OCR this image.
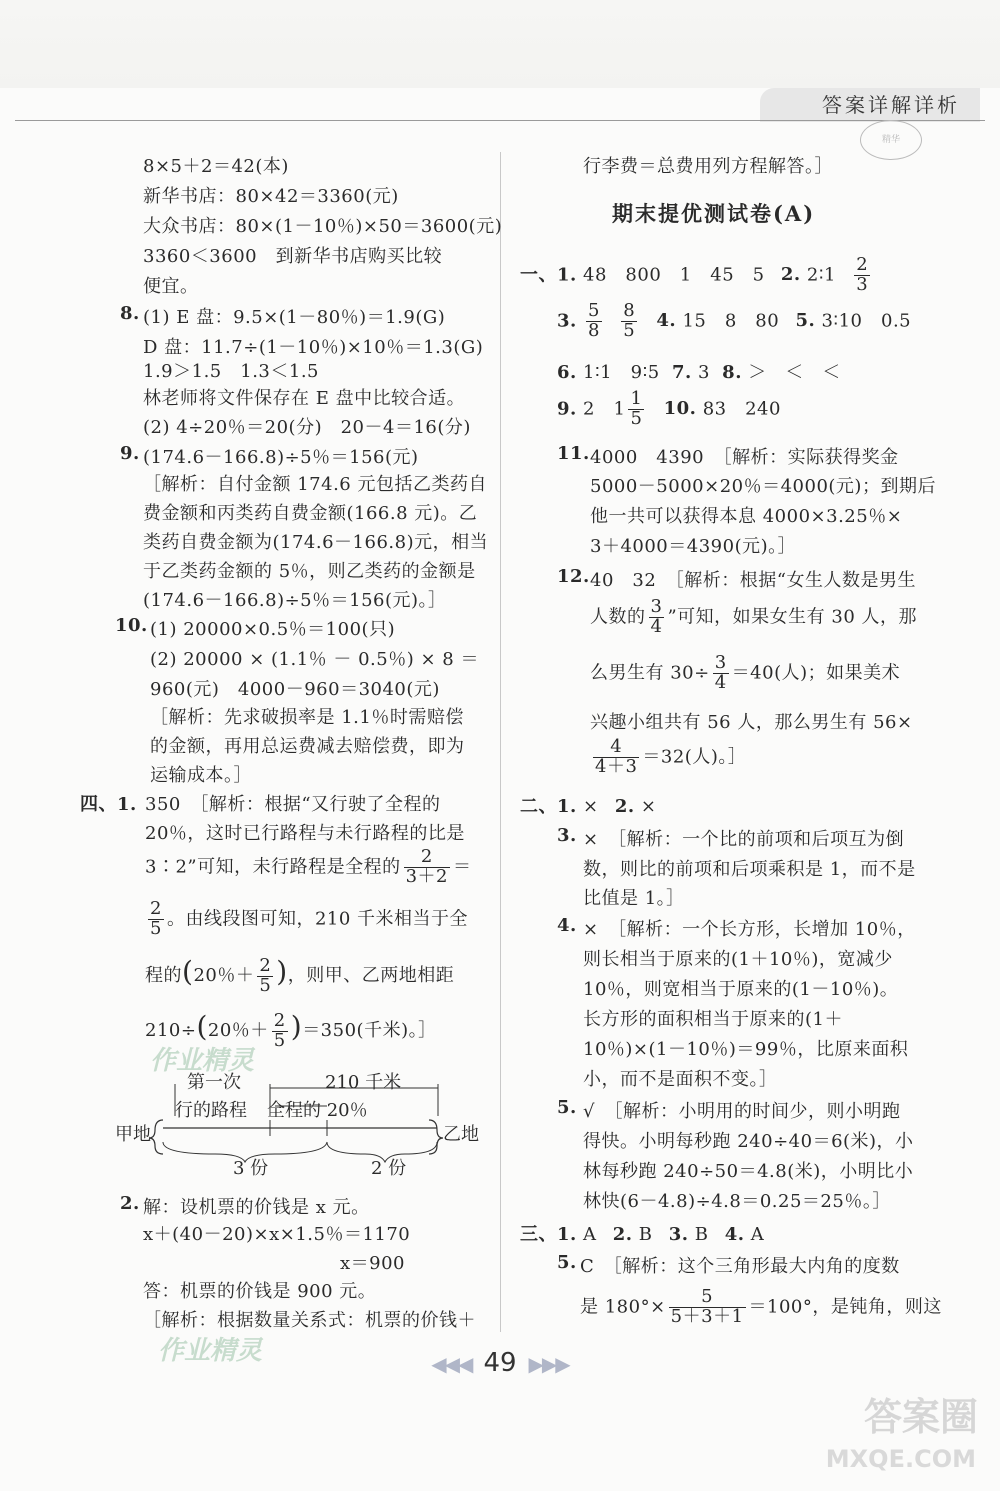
答案详解详析
精华
8×5＋2＝42(本)
新华书店：80×42＝3360(元)
大众书店：80×(1－10％)×50＝3600(元)
3360＜3600　到新华书店购买比较
便宜。
8. (1) E 盘：9.5×(1－80％)＝1.9(G)
D 盘：11.7÷(1－10％)×10％＝1.3(G)
1.9＞1.5　1.3＜1.5
林老师将文件保存在 E 盘中比较合适。
(2) 4÷20％＝20(分)　20－4＝16(分)
9. (174.6－166.8)÷5％＝156(元)
［解析：自付金额 174.6 元包括乙类药自
费金额和丙类药自费金额(166.8 元)。乙
类药自费金额为(174.6－166.8)元，相当
于乙类药金额的 5％，则乙类药的金额是
(174.6－166.8)÷5％＝156(元)。］
10. (1) 20000×0.5％＝100(只)
(2) 20000 × (1.1％ － 0.5％) × 8 ＝
960(元)　4000－960＝3040(元)
［解析：先求破损率是 1.1％时需赔偿
的金额，再用总运费减去赔偿费，即为
运输成本。］
四、1. 350　［解析：根据“又行驶了全程的
20％，这时已行路程与未行路程的比是
3∶2”可知，未行路程是全程的 $\frac{2}{3+2}$ ＝
$\frac{2}{5}$ 。由线段图可知，210 千米相当于全
程的(20％＋ $\frac{2}{5}$ )，则甲、乙两地相距
210÷(20％＋ $\frac{2}{5} )=350$(千米)。］
第一次	210 千米
行的路程 全程的 20％
甲地	乙地
3 份	2 份
2. 解：设机票的价钱是 x 元。
x＋(40－20)×x×1.5％＝1170
x＝900
答：机票的价钱是 900 元。
［解析：根据数量关系式：机票的价钱＋
行李费＝总费用列方程解答。］
期末提优测试卷(A)
一、1. 48　800　1　45　5 2. 2∶1 $\frac{2}{3}$
3. $\frac{5}{8}$
$\frac{8}{5} 4$. 15　8　80 5. 3∶10　0.5
6. 1∶1　9∶5 7. 3 8. ＞　＜　＜
9. 2　$1 \frac{1}{5} 10$. 83　240
11. 4000　4390　［解析：实际获得奖金
5000－5000×20％＝4000(元)；到期后
他一共可以获得本息 4000×3.25％×
3＋4000＝4390(元)。］
12. 40　32　［解析：根据“女生人数是男生
人数的 $\frac{3}{4}$ ”可知，如果女生有 30 人，那
么男生有 $30\div \frac{3}{4} =40$(人)；如果美术
兴趣小组共有 56 人，那么男生有 56×
$\frac{4}{4+3} =32$(人)。］
二、1. × 2. ×
3. ×　［解析：一个比的前项和后项互为倒
数，则比的前项和后项乘积是 1，而不是
比值是 1。］
4. ×　［解析：一个长方形，长增加 10％，
则长相当于原来的(1＋10％)，宽减少
10％，则宽相当于原来的(1－10％)。
长方形的面积相当于原来的(1＋
10％)×(1－10％)＝99％，比原来面积
小，而不是面积不变。］
5. √　［解析：小明用的时间少，则小明跑
得快。小明每秒跑 240÷40＝6(米)，小
林每秒跑 240÷50＝4.8(米)，小明比小
林快(6－4.8)÷4.8＝0.25＝25％。］
三、1. A 2. B 3. B 4. A
5. C　［解析：这个三角形最大内角的度数
是 $180^\circ\times \frac{5}{5+3+1} =100^\circ$，是钝角，则这
作业精灵
作业精灵
答案圈
MXQE.COM
◀◀◀ 49 ▶▶▶
